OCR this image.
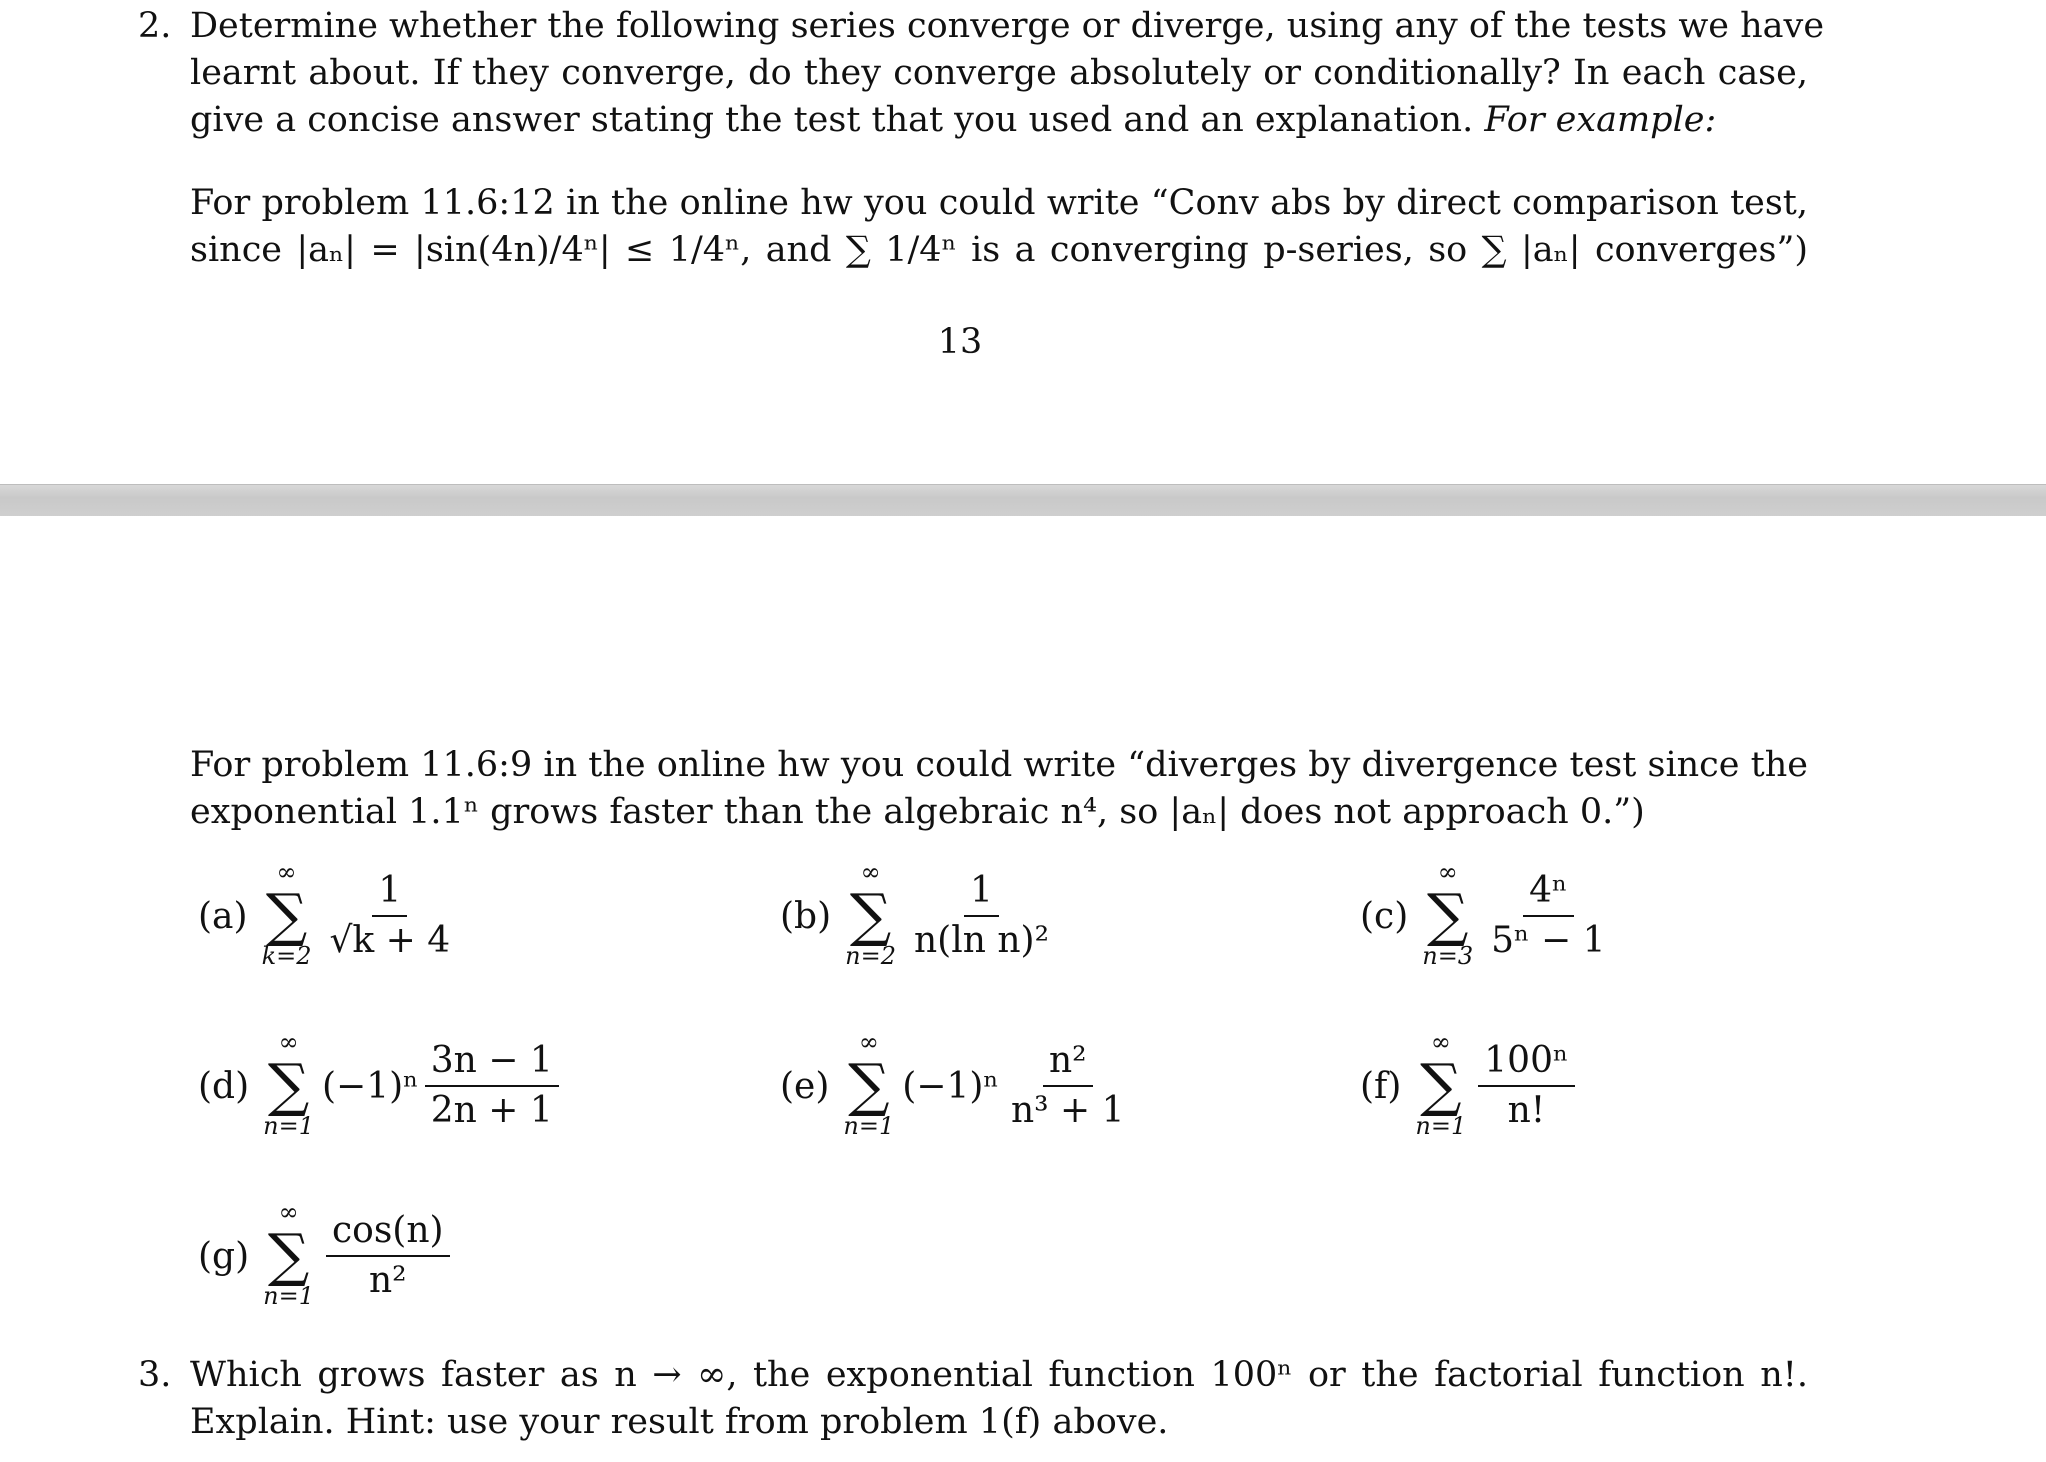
2. Determine whether the following series converge or diverge, using any of the tests we have
learnt about. If they converge, do they converge absolutely or conditionally? In each case,
give a concise answer stating the test that you used and an explanation. For example:
For problem 11.6:12 in the online hw you could write “Conv abs by direct comparison test,
since |aₙ| = |sin(4n)/4ⁿ| ≤ 1/4ⁿ, and ∑ 1/4ⁿ is a converging p-series, so ∑ |aₙ| converges”)
13
For problem 11.6:9 in the online hw you could write “diverges by divergence test since the
exponential 1.1ⁿ grows faster than the algebraic n⁴, so |aₙ| does not approach 0.”)
(a)
∞
∑
$k=2 \frac{1}{√k + 4}$	(b)
∞
∑
$n=2 \frac{1}{\text{n(ln n)²}}$	(c)
∞
∑
$n=3 \frac{\text{4ⁿ}}{\text{5ⁿ − 1}}$
(d)
∞
∑
n=1
$(-1)^n \frac{3n - 1}{2n + 1}$	(e)
∞
∑
n=1
$(-1)^n \frac{\text{n²}}{\text{n³ + 1}}$	(f)
∞
∑
$n=1 \frac{\text{100ⁿ}}{n!}$
(g)
∞
∑
$n=1 \frac{\cos(n)}{\text{n²}}$
3. Which grows faster as n → ∞, the exponential function 100ⁿ or the factorial function n!.
Explain. Hint: use your result from problem 1(f) above.
